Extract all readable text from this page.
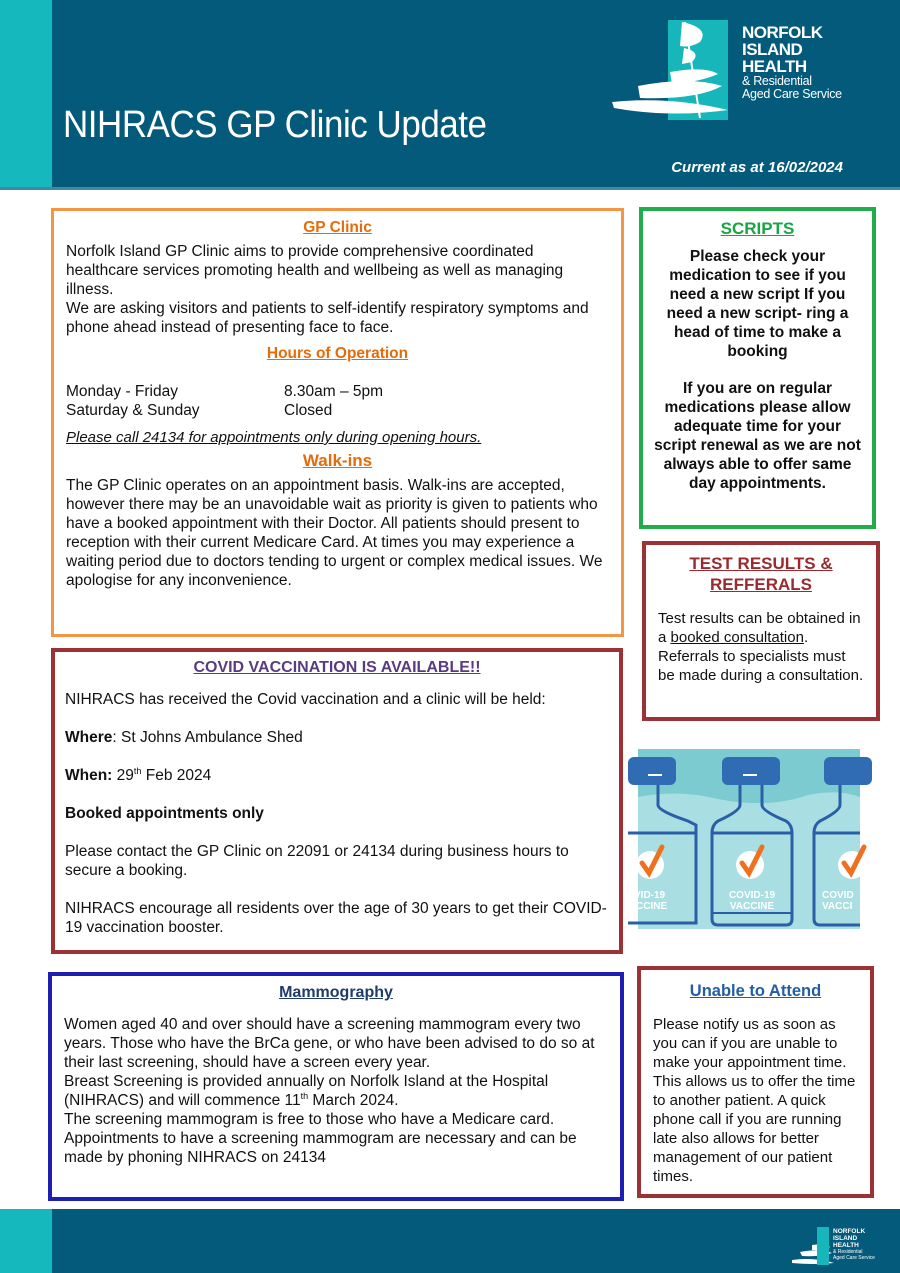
NIHRACS GP Clinic Update
NORFOLK
ISLAND
HEALTH
& Residential
Aged Care Service
Current as at 16/02/2024
GP Clinic

Norfolk Island GP Clinic aims to provide comprehensive coordinated healthcare services promoting health and wellbeing as well as managing illness.

We are asking visitors and patients to self-identify respiratory symptoms and phone ahead instead of presenting face to face.

Hours of Operation
Monday - Friday	8.30am – 5pm
Saturday & Sunday	Closed

Please call 24134 for appointments only during opening hours.

Walk-ins

The GP Clinic operates on an appointment basis. Walk-ins are accepted, however there may be an unavoidable wait as priority is given to patients who have a booked appointment with their Doctor. All patients should present to reception with their current Medicare Card. At times you may experience a waiting period due to doctors tending to urgent or complex medical issues. We apologise for any inconvenience.

SCRIPTS

Please check your medication to see if you need a new script If you need a new script- ring a head of time to make a booking

If you are on regular medications please allow adequate time for your script renewal as we are not always able to offer same day appointments.

TEST RESULTS & REFFERALS

Test results can be obtained in a booked consultation. Referrals to specialists must be made during a consultation.

COVID VACCINATION IS AVAILABLE!!

NIHRACS has received the Covid vaccination and a clinic will be held:

Where: St Johns Ambulance Shed

When: 29th Feb 2024

Booked appointments only

Please contact the GP Clinic on 22091 or 24134 during business hours to secure a booking.

NIHRACS encourage all residents over the age of 30 years to get their COVID-19 vaccination booster.

VID-19
CCINE
COVID-19
VACCINE
COVID
VACCI
Mammography

Women aged 40 and over should have a screening mammogram every two years. Those who have the BrCa gene, or who have been advised to do so at their last screening, should have a screen every year.

Breast Screening is provided annually on Norfolk Island at the Hospital (NIHRACS) and will commence 11th March 2024.

The screening mammogram is free to those who have a Medicare card.

Appointments to have a screening mammogram are necessary and can be made by phoning NIHRACS on 24134

Unable to Attend

Please notify us as soon as you can if you are unable to make your appointment time. This allows us to offer the time to another patient. A quick phone call if you are running late also allows for better management of our patient times.

NORFOLK
ISLAND
HEALTH
& Residential
Aged Care Service
